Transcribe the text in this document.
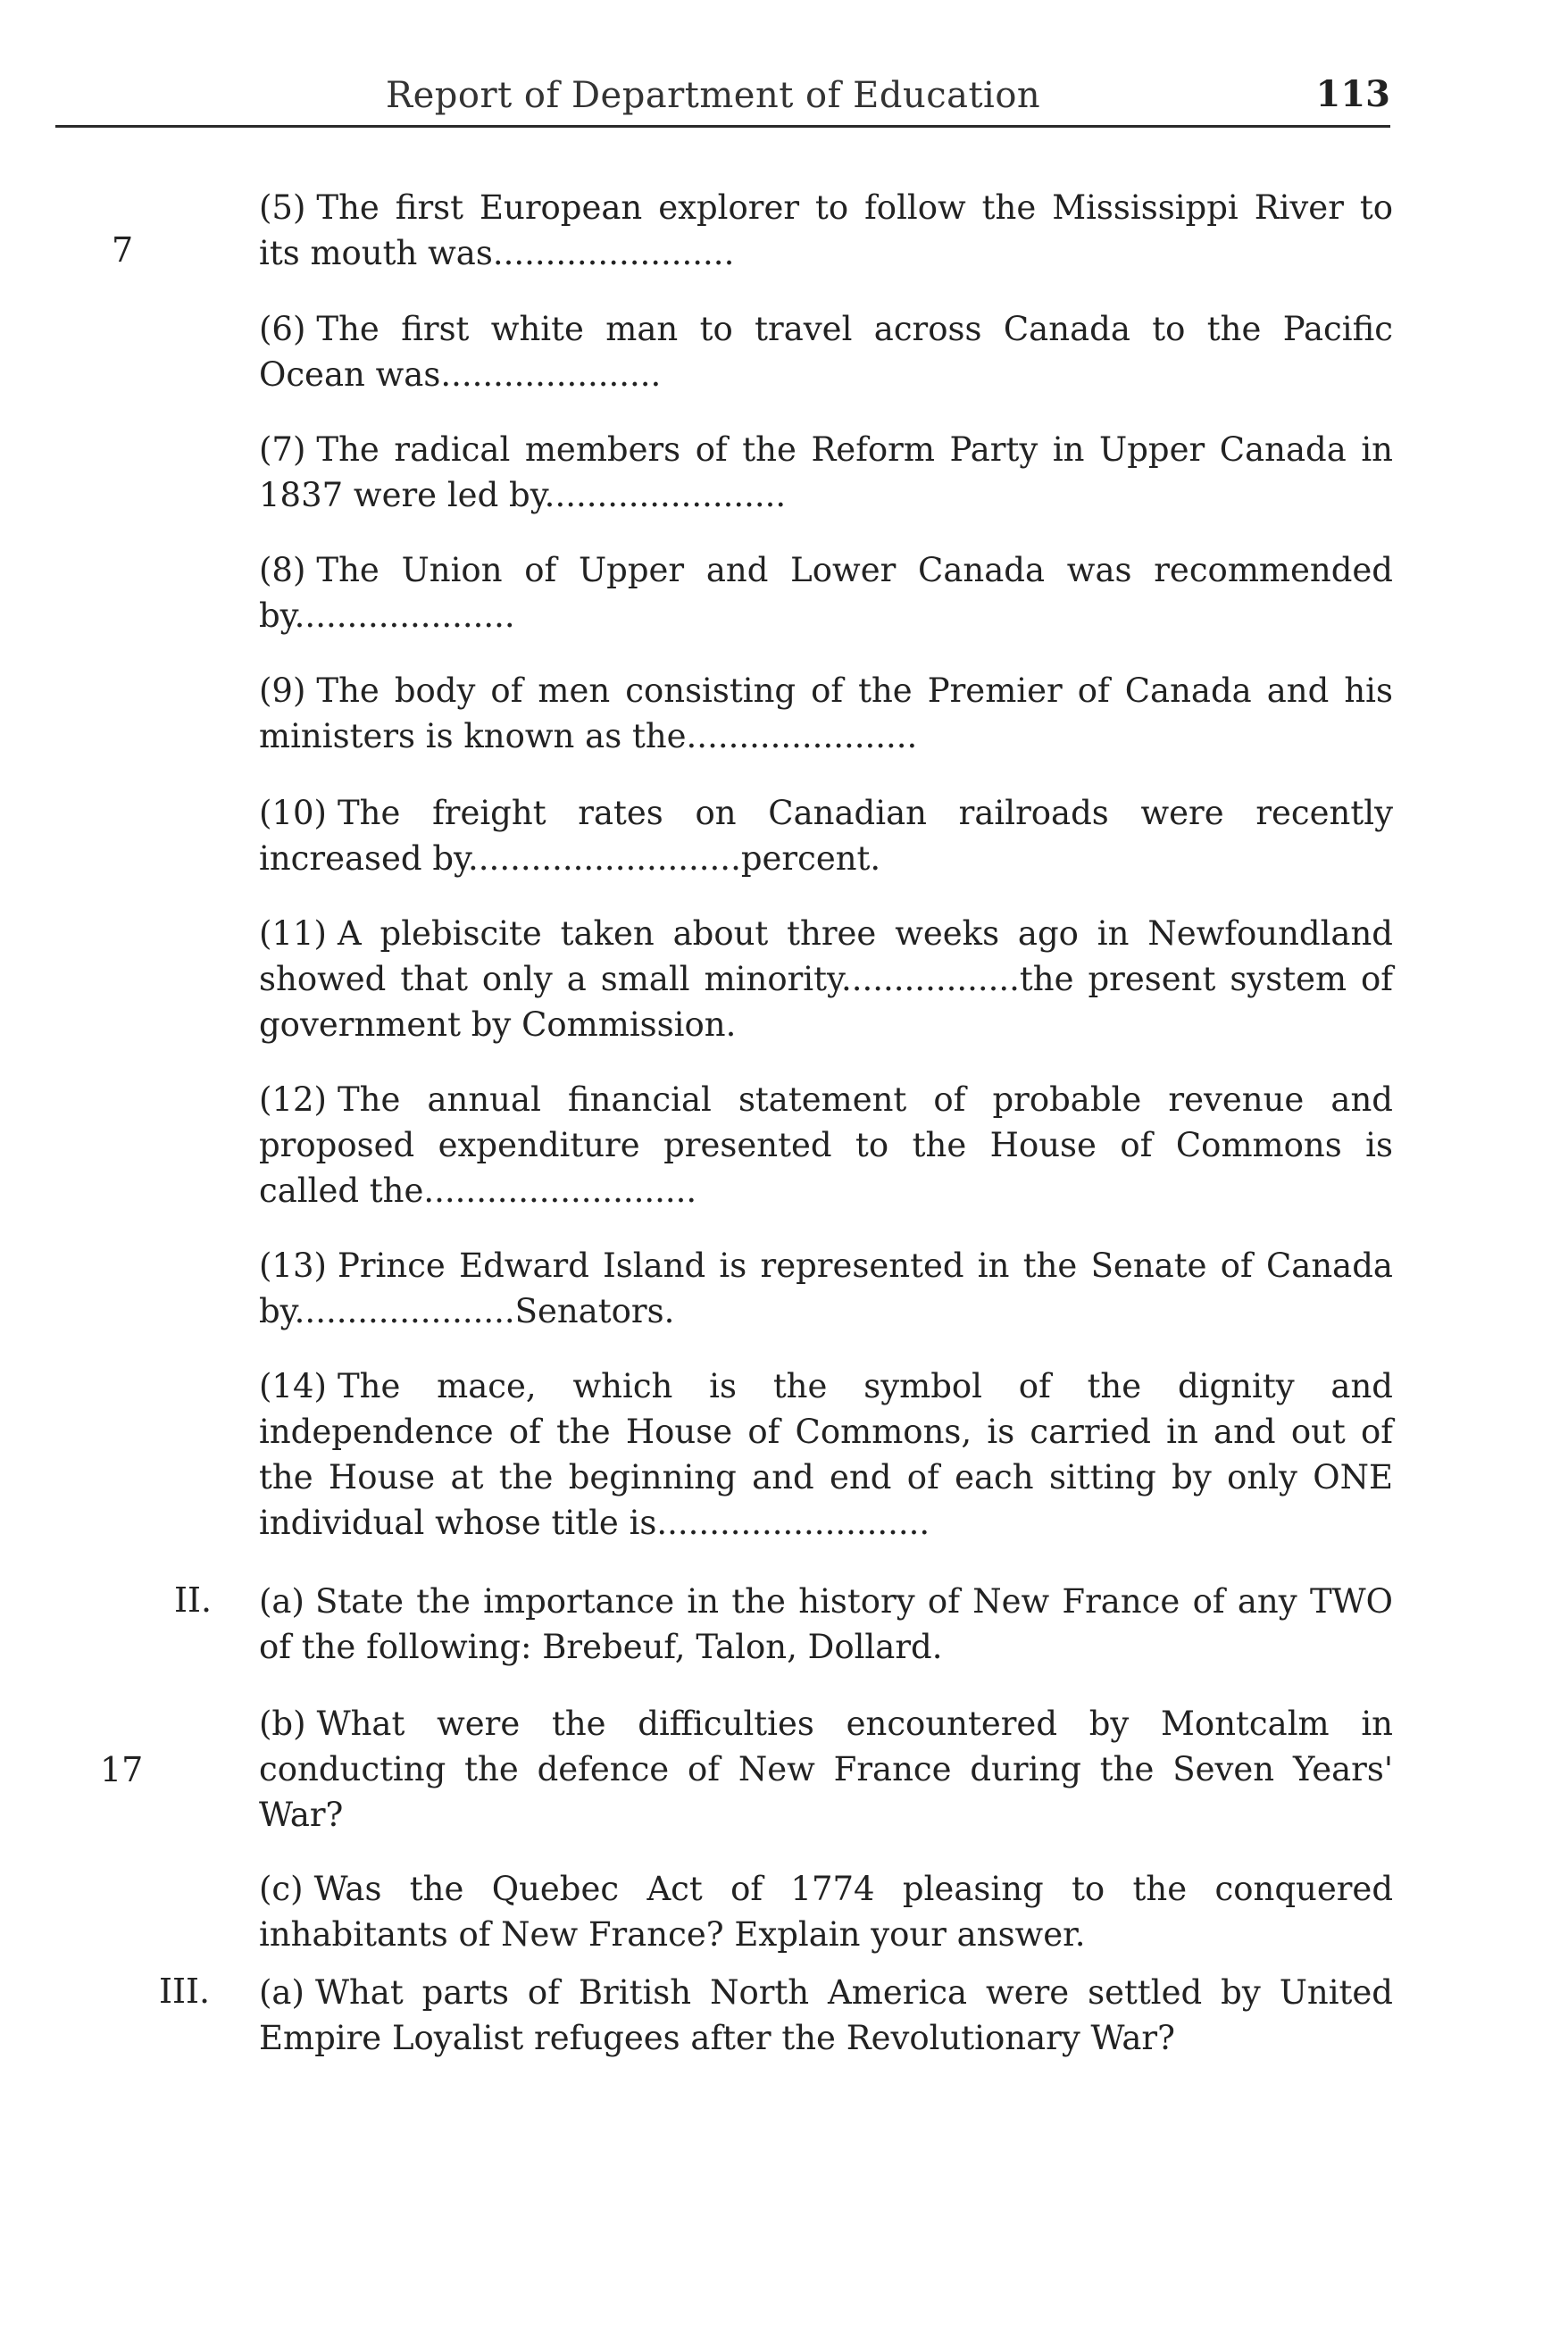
Report of Department of Education	113
7
17
(5) The first European explorer to follow the Mississippi River to its mouth was.......................
(6) The first white man to travel across Canada to the Pacific Ocean was.....................
(7) The radical members of the Reform Party in Upper Canada in 1837 were led by.......................
(8) The Union of Upper and Lower Canada was recommended by.....................
(9) The body of men consisting of the Premier of Canada and his ministers is known as the......................
(10) The freight rates on Canadian railroads were recently increased by..........................percent.
(11) A plebiscite taken about three weeks ago in Newfoundland showed that only a small minority.................the present system of government by Commission.
(12) The annual financial statement of probable revenue and proposed expenditure presented to the House of Commons is called the..........................
(13) Prince Edward Island is represented in the Senate of Canada by.....................Senators.
(14) The mace, which is the symbol of the dignity and independence of the House of Commons, is carried in and out of the House at the beginning and end of each sitting by only ONE individual whose title is..........................
II. (a) State the importance in the history of New France of any TWO of the following: Brebeuf, Talon, Dollard.
(b) What were the difficulties encountered by Montcalm in conducting the defence of New France during the Seven Years' War?
(c) Was the Quebec Act of 1774 pleasing to the conquered inhabitants of New France? Explain your answer.
III. (a) What parts of British North America were settled by United Empire Loyalist refugees after the Revolutionary War?
